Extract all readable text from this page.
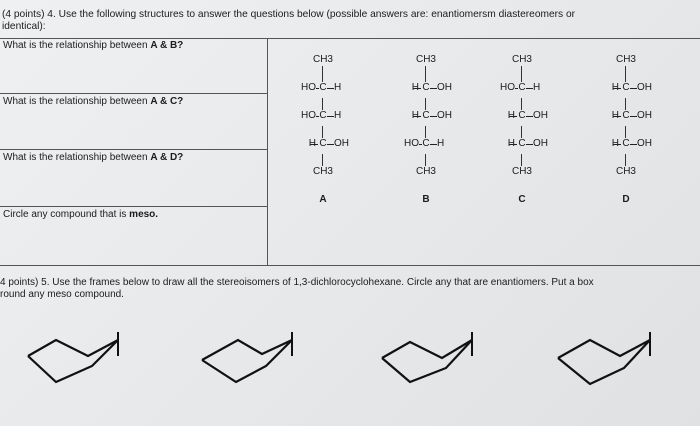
(4 points) 4. Use the following structures to answer the questions below (possible answers are: enantiomersm diastereomers or
identical):
What is the relationship between A & B?
What is the relationship between A & C?
What is the relationship between A & D?
Circle any compound that is meso.
CH3
HO C H
HO C H
C OH
CH3
A
CH3
C OH
C OH
HO C H
CH3
B
CH3
HO C H
C OH
C OH
CH3
C
CH3
C OH
C OH
C OH
CH3
D
4 points) 5. Use the frames below to draw all the stereoisomers of 1,3-dichlorocyclohexane. Circle any that are enantiomers. Put a box
round any meso compound.
